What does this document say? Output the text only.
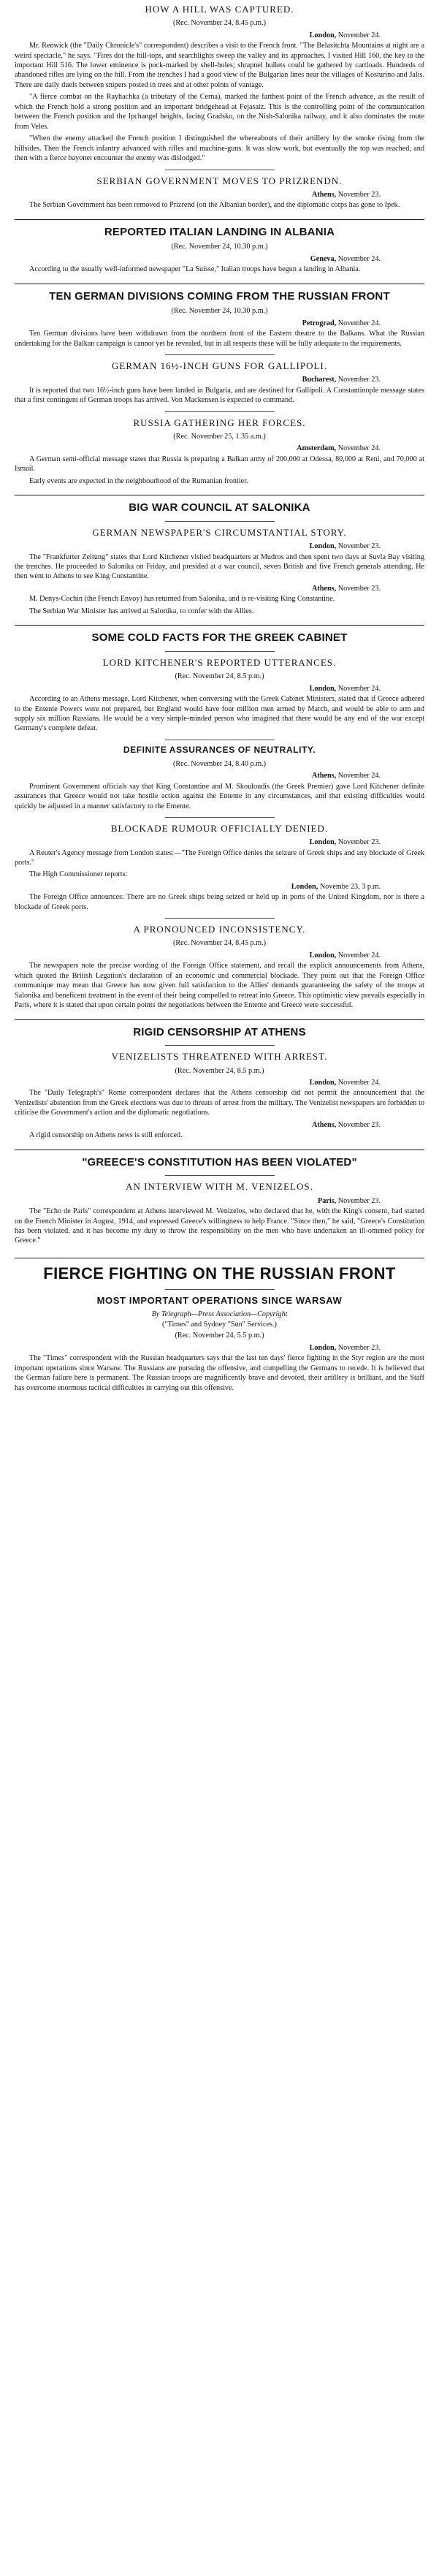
HOW A HILL WAS CAPTURED.
(Rec. November 24, 8.45 p.m.)
London, November 24.

Mr. Renwick (the "Daily Chronicle's" correspondent) describes a visit to the French front. "The Belasitchta Mountains at night are a weird spectacle," he says. "Fires dot the hill-tops, and searchlights sweep the valley and its approaches. I visited Hill 160, the key to the important Hill 516. The lower eminence is pock-marked by shell-holes; shrapnel bullets could be gathered by cartloads. Hundreds of abandoned rifles are lying on the hill. From the trenches I had a good view of the Bulgarian lines near the villages of Kosturino and Jalis. There are daily duels between snipers posted in trees and at other points of vantage.

"A fierce combat on the Rayhachka (a tributary of the Cerna), marked the farthest point of the French advance, as the result of which the French hold a strong position and an important bridgehead at Fejasatz. This is the controlling point of the communication between the French position and the Ipchangel heights, facing Gradsko, on the Nish-Salonika railway, and it also dominates the route from Veles.

"When the enemy attacked the French position I distinguished the whereabouts of their artillery by the smoke rising from the hillsides. Then the French infantry advanced with rifles and machine-guns. It was slow work, but eventually the top was reached, and then with a fierce bayonet encounter the enemy was dislodged."

SERBIAN GOVERNMENT MOVES TO PRIZRENDN.
Athens, November 23.

The Serbian Government has been removed to Prizrend (on the Albanian border), and the diplomatic corps has gone to Ipek.

REPORTED ITALIAN LANDING IN ALBANIA
(Rec. November 24, 10.30 p.m.)
Geneva, November 24.

According to the usually well-informed newspaper "La Suisse," Italian troops have begun a landing in Albania.

TEN GERMAN DIVISIONS COMING FROM THE RUSSIAN FRONT
(Rec. November 24, 10.30 p.m.)
Petrograd, November 24.

Ten German divisions have been withdrawn from the northern front of the Eastern theatre to the Balkans. What the Russian undertaking for the Balkan campaign is cannot yet be revealed, but in all respects these will be fully adequate to the requirements.

GERMAN 16½-INCH GUNS FOR GALLIPOLI.
Bucharest, November 23.

It is reported that two 16½-inch guns have been landed in Bulgaria, and are destined for Gallipoli. A Constantinople message states that a first contingent of German troops has arrived. Von Mackensen is expected to command.

RUSSIA GATHERING HER FORCES.
(Rec. November 25, 1.35 a.m.)
Amsterdam, November 24.

A German semi-official message states that Russia is preparing a Balkan army of 200,000 at Odessa, 80,000 at Reni, and 70,000 at Ismail.

Early events are expected in the neighbourhood of the Rumanian frontier.

BIG WAR COUNCIL AT SALONIKA
GERMAN NEWSPAPER'S CIRCUMSTANTIAL STORY.
London, November 23.

The "Frankfurter Zeitung" states that Lord Kitchener visited headquarters at Mudros and then spent two days at Suvla Bay visiting the trenches. He proceeded to Salonika on Friday, and presided at a war council, seven British and five French generals attending. He then went to Athens to see King Constantine.

Athens, November 23.

M. Denys-Cochin (the French Envoy) has returned from Salonika, and is re-visiting King Constantine.

The Serbian War Minister has arrived at Salonika, to confer with the Allies.

SOME COLD FACTS FOR THE GREEK CABINET
LORD KITCHENER'S REPORTED UTTERANCES.
(Rec. November 24, 8.5 p.m.)
London, November 24.

According to an Athens message, Lord Kitchener, when conversing with the Greek Cabinet Ministers, stated that if Greece adhered to the Entente Powers were not prepared, but England would have four million men armed by March, and would be able to arm and supply six million Russians. He would be a very simple-minded person who imagined that there would be any end of the war except Germany's complete defeat.

DEFINITE ASSURANCES OF NEUTRALITY.
(Rec. November 24, 8.40 p.m.)
Athens, November 24.

Prominent Government officials say that King Constantine and M. Skouloudis (the Greek Premier) gave Lord Kitchener definite assurances that Greece would not take hostile action against the Entente in any circumstances, and that existing difficulties would quickly be adjusted in a manner satisfactory to the Entente.

BLOCKADE RUMOUR OFFICIALLY DENIED.
London, November 23.

A Reuter's Agency message from London states:—"The Foreign Office denies the seizure of Greek ships and any blockade of Greek ports."

The High Commissioner reports:

London, Novembe 23, 3 p.m.

The Foreign Office announces: There are no Greek ships being seized or held up in ports of the United Kingdom, nor is there a blockade of Greek ports.

A PRONOUNCED INCONSISTENCY.
(Rec. November 24, 8.45 p.m.)
London, November 24.

The newspapers note the precise wording of the Foreign Office statement, and recall the explicit announcements from Athens, which quoted the British Legation's declaration of an economic and commercial blockade. They point out that the Foreign Office communique may mean that Greece has now given full satisfaction to the Allies' demands guaranteeing the safety of the troops at Salonika and beneficent treatment in the event of their being compelled to retreat into Greece. This optimistic view prevails especially in Paris, where it is stated that upon certain points the negotiations between the Entente and Greece were successful.

RIGID CENSORSHIP AT ATHENS
VENIZELISTS THREATENED WITH ARREST.
(Rec. November 24, 8.5 p.m.)
London, November 24.

The "Daily Telegraph's" Rome correspondent declares that the Athens censorship did not permit the announcement that the Venizelists' abstention from the Greek elections was due to threats of arrest from the military. The Venizelist newspapers are forbidden to criticise the Government's action and the diplomatic negotiations.

Athens, November 23.

A rigid censorship on Athens news is still enforced.

"GREECE'S CONSTITUTION HAS BEEN VIOLATED"
AN INTERVIEW WITH M. VENIZELOS.
Paris, November 23.

The "Echo de Paris" correspondent at Athens interviewed M. Venizelos, who declared that he, with the King's consent, had started on the French Minister in August, 1914, and expressed Greece's willingness to help France. "Since then," he said, "Greece's Constitution has been violated, and it has become my duty to throw the responsibility on the men who have undertaken an ill-omened policy for Greece."

FIERCE FIGHTING ON THE RUSSIAN FRONT
MOST IMPORTANT OPERATIONS SINCE WARSAW
By Telegraph—Press Association—Copyright
("Times" and Sydney "Sun" Services.)
(Rec. November 24, 5.5 p.m.)
London, November 23.

The "Times" correspondent with the Russian headquarters says that the last ten days' fierce fighting in the Styr region are the most important operations since Warsaw. The Russians are pursuing the offensive, and compelling the Germans to recede. It is believed that the German failure here is permanent. The Russian troops are magnificently brave and devoted, their artillery is brilliant, and the Staff has overcome enormous tactical difficulties in carrying out this offensive.
